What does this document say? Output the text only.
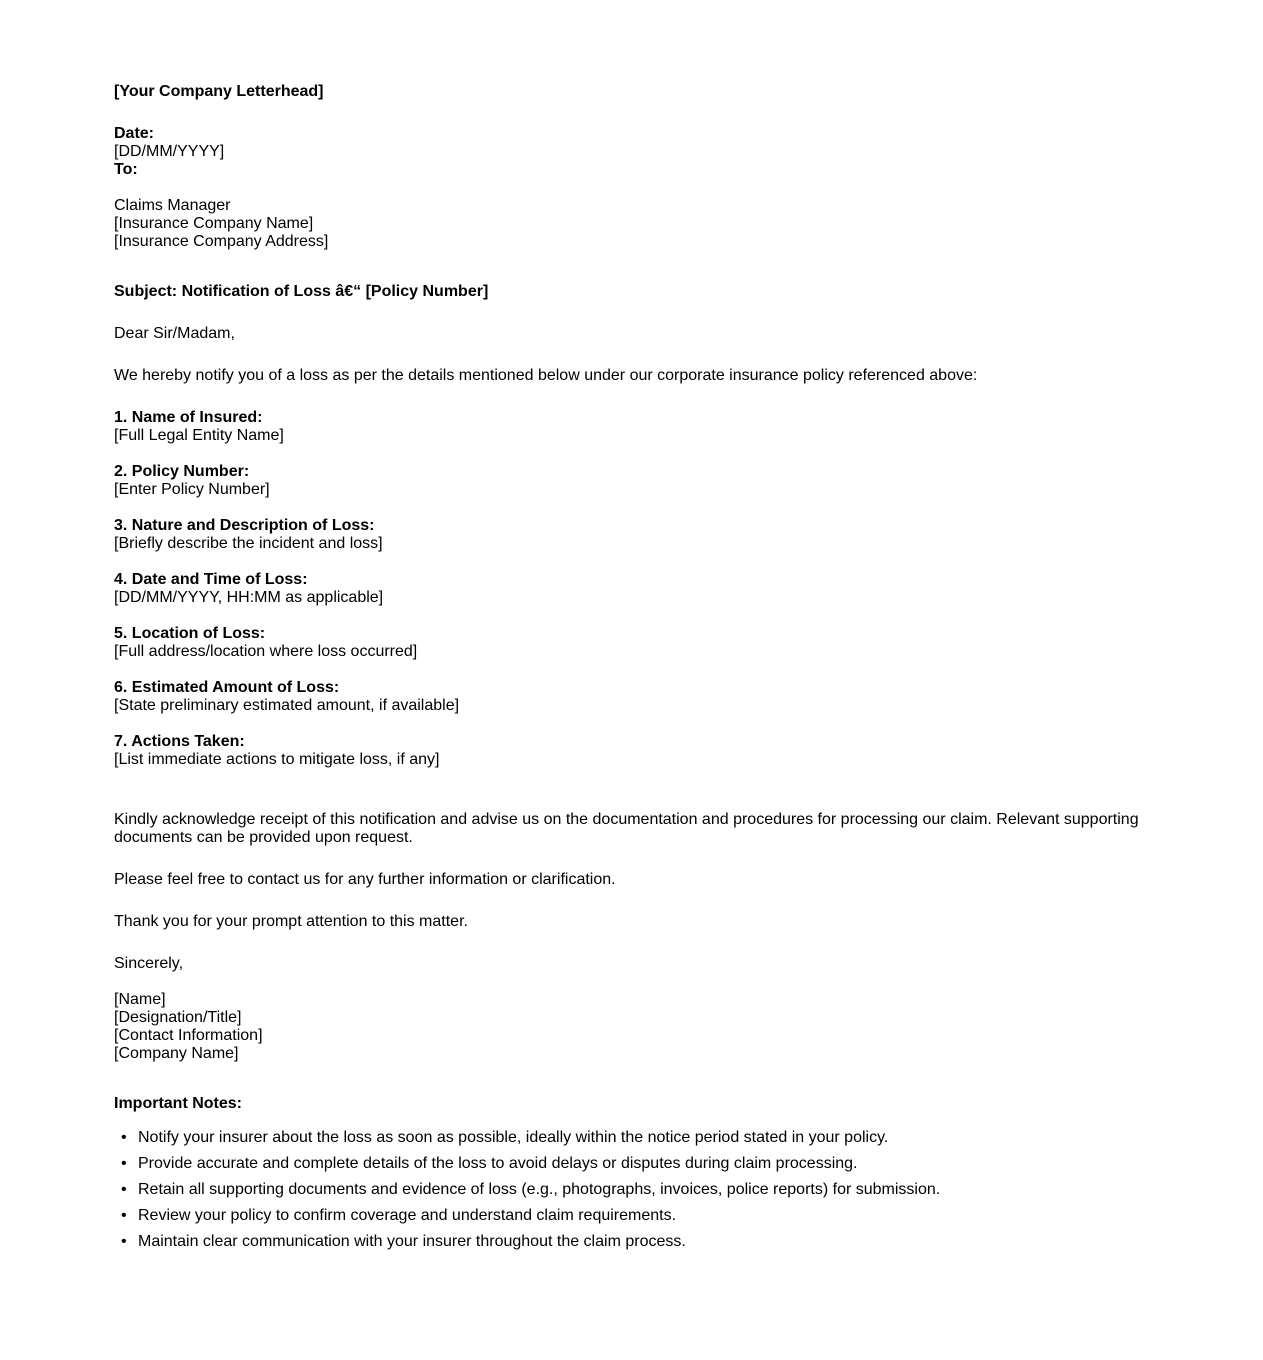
[Your Company Letterhead]
Date:
[DD/MM/YYYY]
To:
Claims Manager
[Insurance Company Name]
[Insurance Company Address]
Subject: Notification of Loss â€“ [Policy Number]
Dear Sir/Madam,
We hereby notify you of a loss as per the details mentioned below under our corporate insurance policy referenced above:
1. Name of Insured:
[Full Legal Entity Name]
2. Policy Number:
[Enter Policy Number]
3. Nature and Description of Loss:
[Briefly describe the incident and loss]
4. Date and Time of Loss:
[DD/MM/YYYY, HH:MM as applicable]
5. Location of Loss:
[Full address/location where loss occurred]
6. Estimated Amount of Loss:
[State preliminary estimated amount, if available]
7. Actions Taken:
[List immediate actions to mitigate loss, if any]
Kindly acknowledge receipt of this notification and advise us on the documentation and procedures for processing our claim. Relevant supporting documents can be provided upon request.
Please feel free to contact us for any further information or clarification.
Thank you for your prompt attention to this matter.
Sincerely,
[Name]
[Designation/Title]
[Contact Information]
[Company Name]
Important Notes:
• Notify your insurer about the loss as soon as possible, ideally within the notice period stated in your policy.
• Provide accurate and complete details of the loss to avoid delays or disputes during claim processing.
• Retain all supporting documents and evidence of loss (e.g., photographs, invoices, police reports) for submission.
• Review your policy to confirm coverage and understand claim requirements.
• Maintain clear communication with your insurer throughout the claim process.
